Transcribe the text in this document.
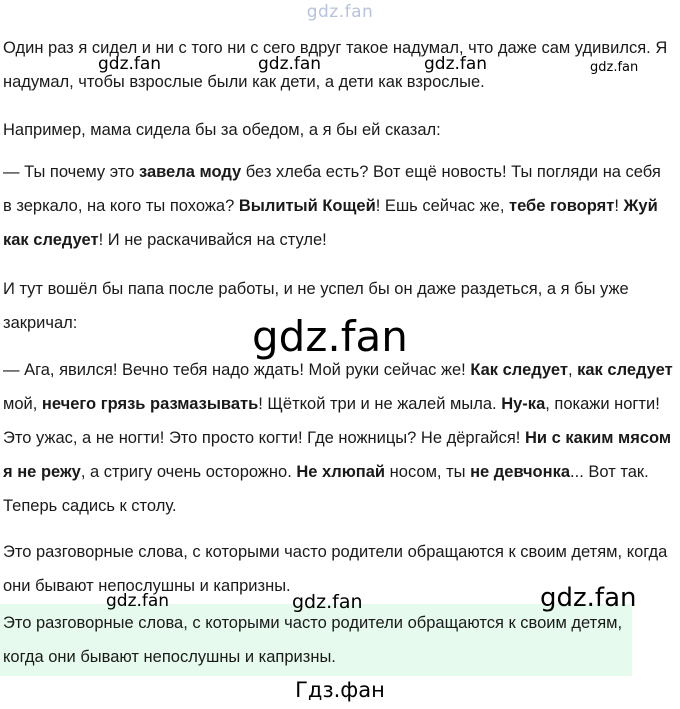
gdz.fan

Один раз я сидел и ни с того ни с сего вдруг такое надумал, что даже сам удивился. Я надумал, чтобы взрослые были как дети, а дети как взрослые.

Например, мама сидела бы за обедом, а я бы ей сказал:

— Ты почему это завела моду без хлеба есть? Вот ещё новость! Ты погляди на себя в зеркало, на кого ты похожа? Вылитый Кощей! Ешь сейчас же, тебе говорят! Жуй как следует! И не раскачивайся на стуле!

И тут вошёл бы папа после работы, и не успел бы он даже раздеться, а я бы уже закричал:

— Ага, явился! Вечно тебя надо ждать! Мой руки сейчас же! Как следует, как следует мой, нечего грязь размазывать! Щёткой три и не жалей мыла. Ну-ка, покажи ногти! Это ужас, а не ногти! Это просто когти! Где ножницы? Не дёргайся! Ни с каким мясом я не режу, а стригу очень осторожно. Не хлюпай носом, ты не девчонка... Вот так. Теперь садись к столу.

Это разговорные слова, с которыми часто родители обращаются к своим детям, когда они бывают непослушны и капризны.

Это разговорные слова, с которыми часто родители обращаются к своим детям, когда они бывают непослушны и капризны.

gdz.fan	gdz.fan	gdz.fan	gdz.fan
gdz.fan
gdz.fan	gdz.fan	gdz.fan
Гдз.фан
